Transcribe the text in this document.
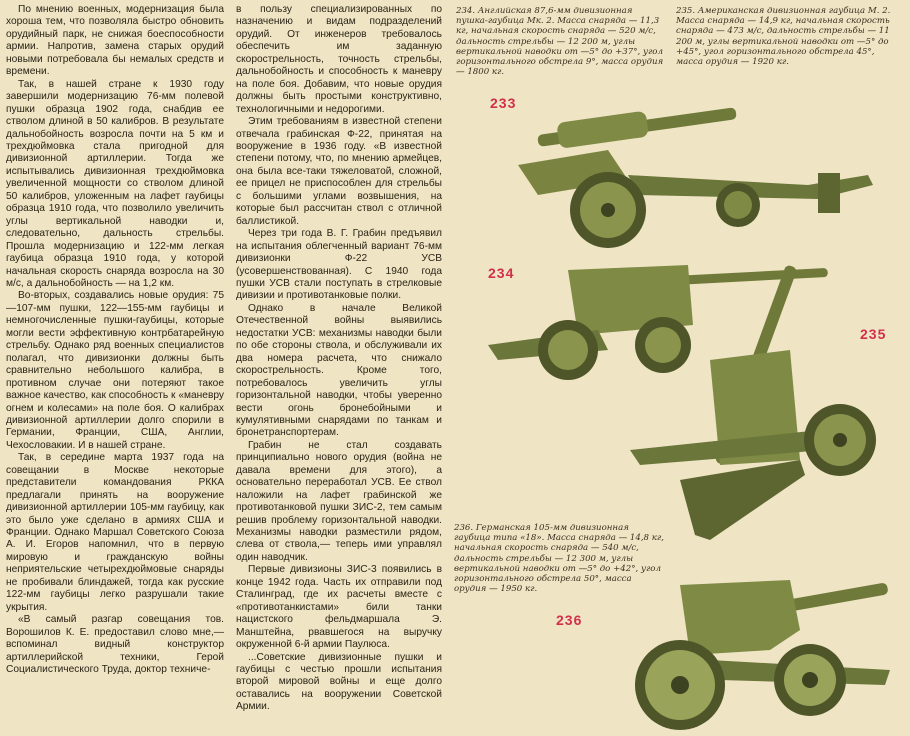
По мнению военных, модернизация была хороша тем, что позволяла быстро обновить орудийный парк, не снижая боеспособности армии. Напротив, замена старых орудий новыми потребовала бы немалых средств и времени.

Так, в нашей стране к 1930 году завершили модернизацию 76-мм полевой пушки образца 1902 года, снабдив ее стволом длиной в 50 калибров. В результате дальнобойность возросла почти на 5 км и трехдюймовка стала пригодной для дивизионной артиллерии. Тогда же испытывались дивизионная трехдюймовка увеличенной мощности со стволом длиной 50 калибров, уложенным на лафет гаубицы образца 1910 года, что позволило увеличить углы вертикальной наводки и, следовательно, дальность стрельбы. Прошла модернизацию и 122-мм легкая гаубица образца 1910 года, у которой начальная скорость снаряда возросла на 30 м/с, а дальнобойность — на 1,2 км.

Во-вторых, создавались новые орудия: 75—107-мм пушки, 122—155-мм гаубицы и немногочисленные пушки-гаубицы, которые могли вести эффективную контрбатарейную стрельбу. Однако ряд военных специалистов полагал, что дивизионки должны быть сравнительно небольшого калибра, в противном случае они потеряют такое важное качество, как способность к «маневру огнем и колесами» на поле боя. О калибрах дивизионной артиллерии долго спорили в Германии, Франции, США, Англии, Чехословакии. И в нашей стране.

Так, в середине марта 1937 года на совещании в Москве некоторые представители командования РККА предлагали принять на вооружение дивизионной артиллерии 105-мм гаубицу, как это было уже сделано в армиях США и Франции. Однако Маршал Советского Союза А. И. Егоров напомнил, что в первую мировую и гражданскую войны неприятельские четырехдюймовые снаряды не пробивали блиндажей, тогда как русские 122-мм гаубицы легко разрушали такие укрытия.

«В самый разгар совещания тов. Ворошилов К. Е. предоставил слово мне,— вспоминал видный конструктор артиллерийской техники, Герой Социалистического Труда, доктор техниче-

в пользу специализированных по назначению и видам подразделений орудий. От инженеров требовалось обеспечить им заданную скорострельность, точность стрельбы, дальнобойность и способность к маневру на поле боя. Добавим, что новые орудия должны быть простыми конструктивно, технологичными и недорогими.

Этим требованиям в известной степени отвечала грабинская Ф-22, принятая на вооружение в 1936 году. «В известной степени потому, что, по мнению армейцев, она была все-таки тяжеловатой, сложной, ее прицел не приспособлен для стрельбы с большими углами возвышения, на которые был рассчитан ствол с отличной баллистикой.

Через три года В. Г. Грабин предъявил на испытания облегченный вариант 76-мм дивизионки Ф-22 УСВ (усовершенствованная). С 1940 года пушки УСВ стали поступать в стрелковые дивизии и противотанковые полки.

Однако в начале Великой Отечественной войны выявились недостатки УСВ: механизмы наводки были по обе стороны ствола, и обслуживали их два номера расчета, что снижало скорострельность. Кроме того, потребовалось увеличить углы горизонтальной наводки, чтобы уверенно вести огонь бронебойными и кумулятивными снарядами по танкам и бронетранспортерам.

Грабин не стал создавать принципиально нового орудия (война не давала времени для этого), а основательно переработал УСВ. Ее ствол наложили на лафет грабинской же противотанковой пушки ЗИС-2, тем самым решив проблему горизонтальной наводки. Механизмы наводки разместили рядом, слева от ствола,— теперь ими управлял один наводчик.

Первые дивизионы ЗИС-3 появились в конце 1942 года. Часть их отправили под Сталинград, где их расчеты вместе с «противотанкистами» били танки нацистского фельдмаршала Э. Манштейна, рвавшегося на выручку окруженной 6-й армии Паулюса.

...Советские дивизионные пушки и гаубицы с честью прошли испытания второй мировой войны и еще долго оставались на вооружении Советской Армии.

234. Английская 87,6-мм дивизионная пушка-гаубица Мк. 2. Масса снаряда — 11,3 кг, начальная скорость снаряда — 520 м/с, дальность стрельбы — 12 200 м, углы вертикальной наводки от —5° до +37°, угол горизонтального обстрела 9°, масса орудия — 1800 кг.

235. Американская дивизионная гаубица М. 2. Масса снаряда — 14,9 кг, начальная скорость снаряда — 473 м/с, дальность стрельбы — 11 200 м, углы вертикальной наводки от —5° до +45°, угол горизонтального обстрела 45°, масса орудия — 1920 кг.

236. Германская 105-мм дивизионная гаубица типа «18». Масса снаряда — 14,8 кг, начальная скорость снаряда — 540 м/с, дальность стрельбы — 12 300 м, углы вертикальной наводки от —5° до +42°, угол горизонтального обстрела 50°, масса орудия — 1950 кг.

233
234
235
236
